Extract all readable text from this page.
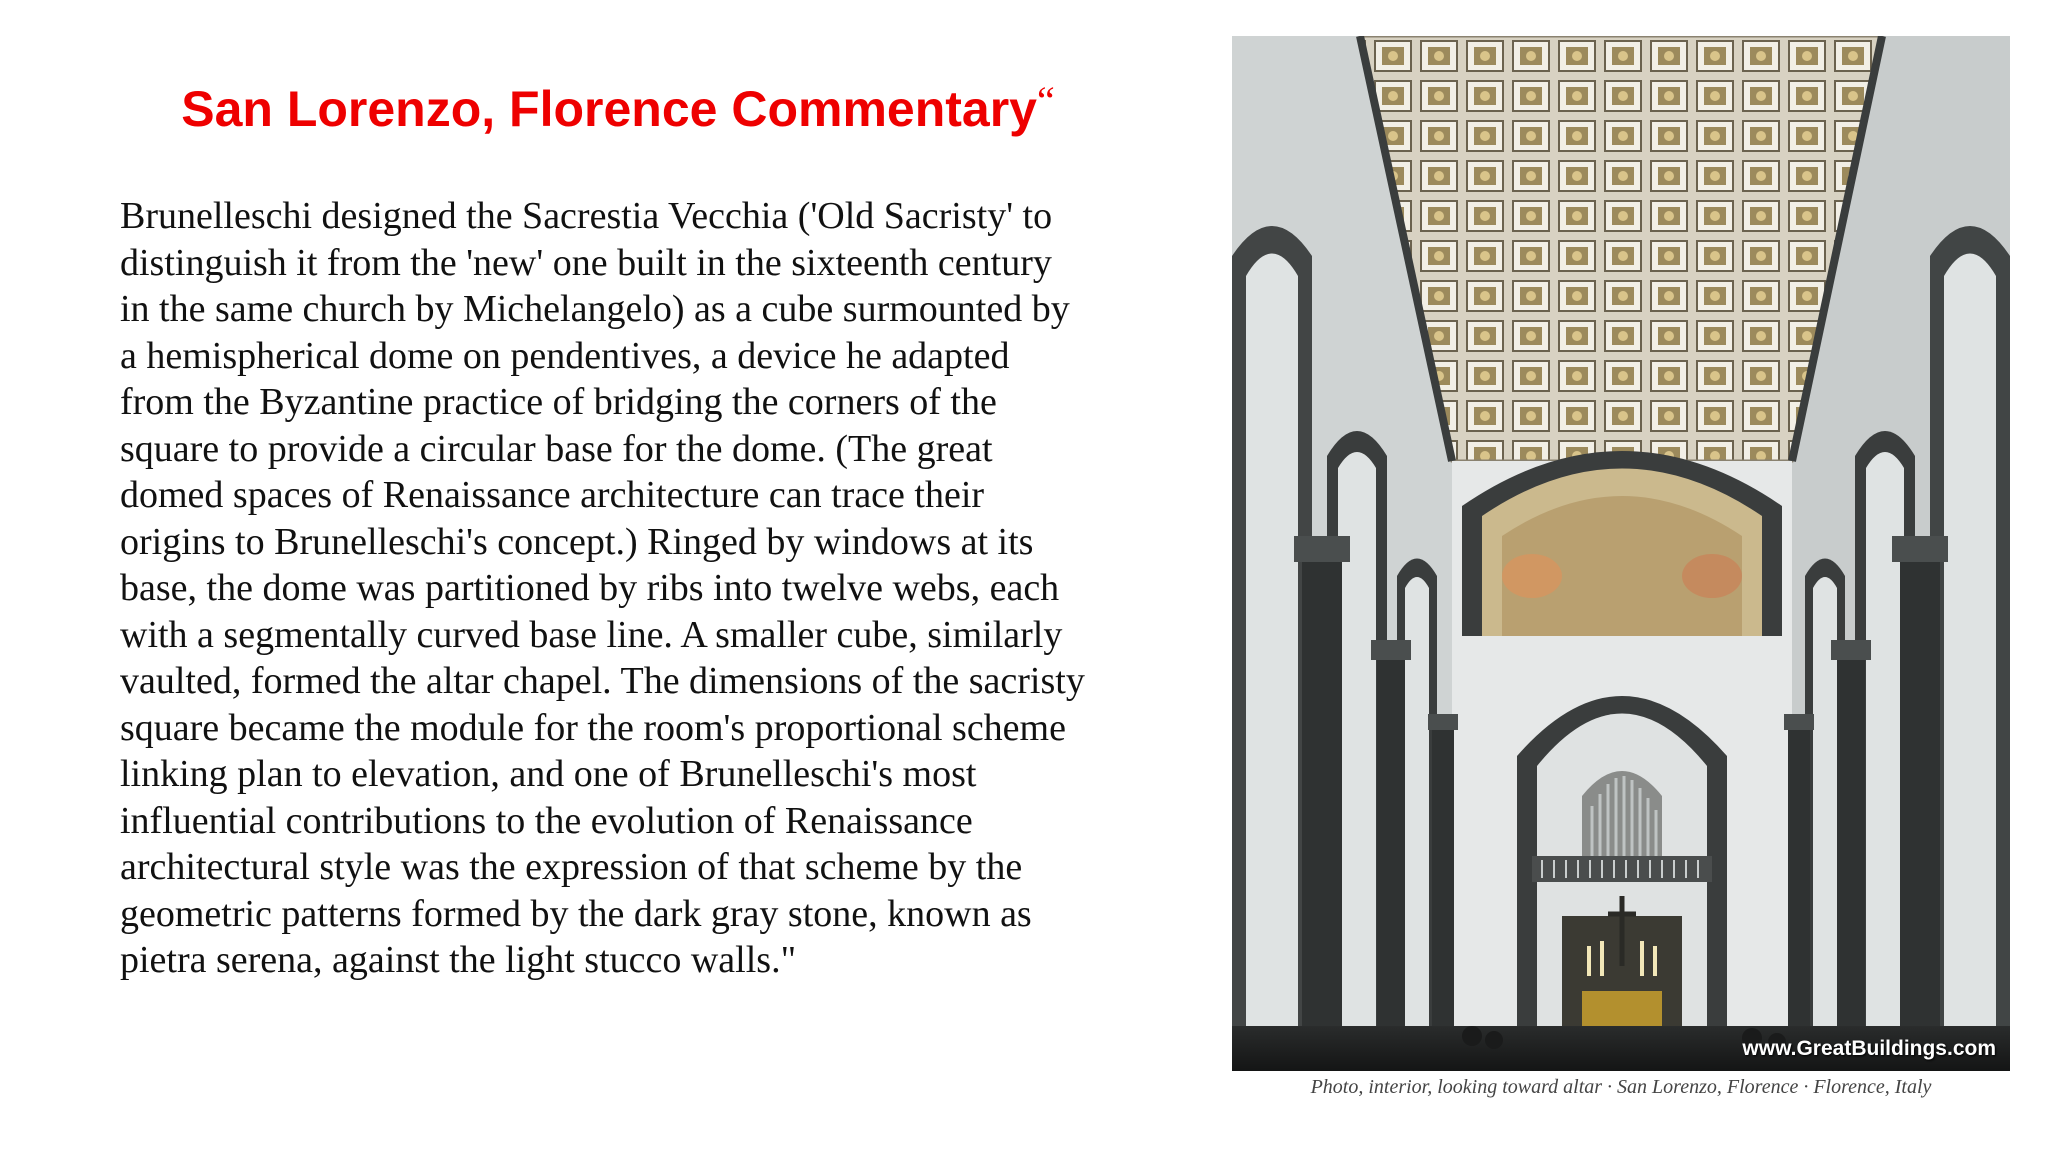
San Lorenzo, Florence Commentary“

Brunelleschi designed the Sacrestia Vecchia ('Old Sacristy' to
distinguish it from the 'new' one built in the sixteenth century
in the same church by Michelangelo) as a cube surmounted by
a hemispherical dome on pendentives, a device he adapted
from the Byzantine practice of bridging the corners of the
square to provide a circular base for the dome. (The great
domed spaces of Renaissance architecture can trace their
origins to Brunelleschi's concept.) Ringed by windows at its
base, the dome was partitioned by ribs into twelve webs, each
with a segmentally curved base line. A smaller cube, similarly
vaulted, formed the altar chapel. The dimensions of the sacristy
square became the module for the room's proportional scheme
linking plan to elevation, and one of Brunelleschi's most
influential contributions to the evolution of Renaissance
architectural style was the expression of that scheme by the
geometric patterns formed by the dark gray stone, known as
pietra serena, against the light stucco walls."

www.GreatBuildings.com
Photo, interior, looking toward altar · San Lorenzo, Florence · Florence, Italy
